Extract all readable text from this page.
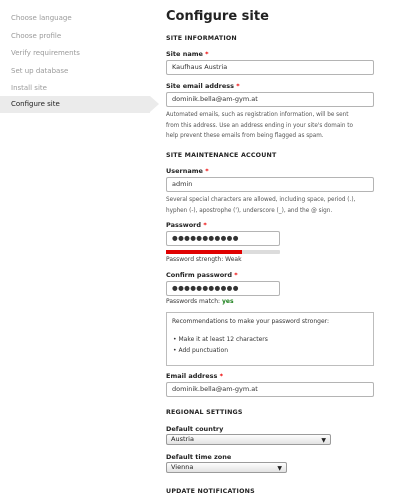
Choose language
Choose profile
Verify requirements
Set up database
Install site
Configure site
Configure site
SITE INFORMATION
Site name *
Kaufhaus Austria
Site email address *
dominik.bella@am-gym.at
Automated emails, such as registration information, will be sent
from this address. Use an address ending in your site's domain to
help prevent these emails from being flagged as spam.
SITE MAINTENANCE ACCOUNT
Username *
admin
Several special characters are allowed, including space, period (.),
hyphen (-), apostrophe ('), underscore (_), and the @ sign.
Password *
●●●●●●●●●●●
Password strength: Weak
Confirm password *
●●●●●●●●●●●
Passwords match: yes
Recommendations to make your password stronger:
• Make it at least 12 characters
• Add punctuation
Email address *
dominik.bella@am-gym.at
REGIONAL SETTINGS
Default country
Austria	▼
Default time zone
Vienna	▼
UPDATE NOTIFICATIONS
